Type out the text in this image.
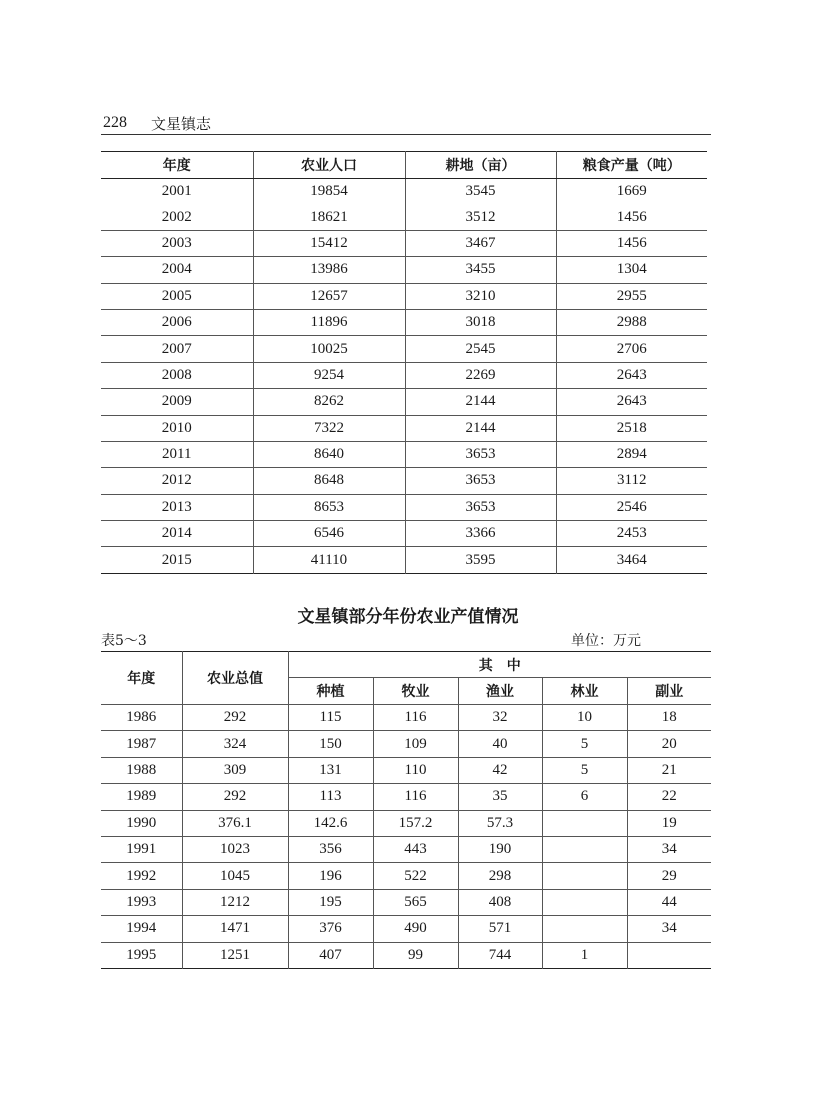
228 文星镇志
年度	农业人口	耕地（亩）	粮食产量（吨）
2001	19854	3545	1669
2002	18621	3512	1456
2003	15412	3467	1456
2004	13986	3455	1304
2005	12657	3210	2955
2006	11896	3018	2988
2007	10025	2545	2706
2008	9254	2269	2643
2009	8262	2144	2643
2010	7322	2144	2518
2011	8640	3653	2894
2012	8648	3653	3112
2013	8653	3653	2546
2014	6546	3366	2453
2015	41110	3595	3464
文星镇部分年份农业产值情况
表5～3	单位：万元
年度	农业总值	其　中				
		种植	牧业	渔业	林业	副业
1986	292	115	116	32	10	18
1987	324	150	109	40	5	20
1988	309	131	110	42	5	21
1989	292	113	116	35	6	22
1990	376.1	142.6	157.2	57.3		19
1991	1023	356	443	190		34
1992	1045	196	522	298		29
1993	1212	195	565	408		44
1994	1471	376	490	571		34
1995	1251	407	99	744	1	
